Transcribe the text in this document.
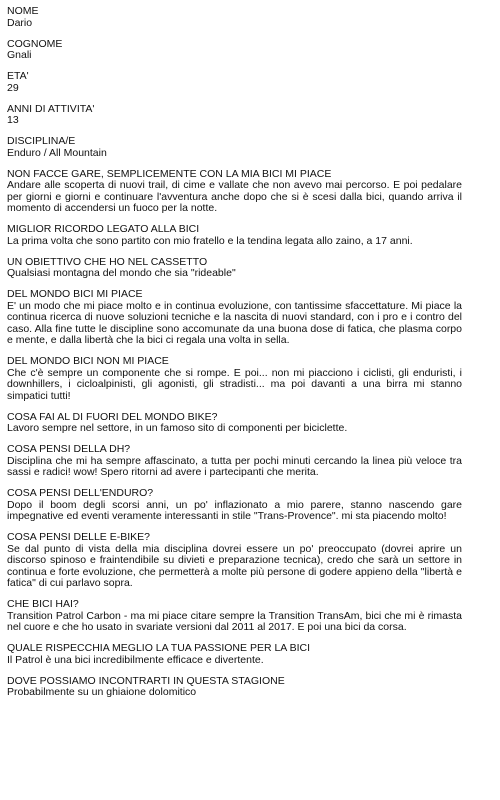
NOME
Dario
COGNOME
Gnali
ETA'
29
ANNI DI ATTIVITA'
13
DISCIPLINA/E
Enduro / All Mountain
NON FACCE GARE, SEMPLICEMENTE CON LA MIA BICI MI PIACE
Andare alle scoperta di nuovi trail, di cime e vallate che non avevo mai percorso. E poi pedalare per giorni e giorni e continuare l'avventura anche dopo che si è scesi dalla bici, quando arriva il momento di accendersi un fuoco per la notte.
MIGLIOR RICORDO LEGATO ALLA BICI
La prima volta che sono partito con mio fratello e la tendina legata allo zaino, a 17 anni.
UN OBIETTIVO CHE HO NEL CASSETTO
Qualsiasi montagna del mondo che sia "rideable"
DEL MONDO BICI MI PIACE
E' un modo che mi piace molto e in continua evoluzione, con tantissime sfaccettature. Mi piace la continua ricerca di nuove soluzioni tecniche e la nascita di nuovi standard, con i pro e i contro del caso. Alla fine tutte le discipline sono accomunate da una buona dose di fatica, che plasma corpo e mente, e dalla libertà che la bici ci regala una volta in sella.
DEL MONDO BICI NON MI PIACE
Che c'è sempre un componente che si rompe. E poi... non mi piacciono i ciclisti, gli enduristi, i downhillers, i cicloalpinisti, gli agonisti, gli stradisti... ma poi davanti a una birra mi stanno simpatici tutti!
COSA FAI AL DI FUORI DEL MONDO BIKE?
Lavoro sempre nel settore, in un famoso sito di componenti per biciclette.
COSA PENSI DELLA DH?
Disciplina che mi ha sempre affascinato, a tutta per pochi minuti cercando la linea più veloce tra sassi e radici! wow! Spero ritorni ad avere i partecipanti che merita.
COSA PENSI DELL'ENDURO?
Dopo il boom degli scorsi anni, un po' inflazionato a mio parere, stanno nascendo gare impegnative ed eventi veramente interessanti in stile "Trans-Provence". mi sta piacendo molto!
COSA PENSI DELLE E-BIKE?
Se dal punto di vista della mia disciplina dovrei essere un po' preoccupato (dovrei aprire un discorso spinoso e fraintendibile su divieti e preparazione tecnica), credo che sarà un settore in continua e forte evoluzione, che permetterà a molte più persone di godere appieno della "libertà e fatica" di cui parlavo sopra.
CHE BICI HAI?
Transition Patrol Carbon - ma mi piace citare sempre la Transition TransAm, bici che mi è rimasta nel cuore e che ho usato in svariate versioni dal 2011 al 2017. E poi una bici da corsa.
QUALE RISPECCHIA MEGLIO LA TUA PASSIONE PER LA BICI
Il Patrol è una bici incredibilmente efficace e divertente.
DOVE POSSIAMO INCONTRARTI IN QUESTA STAGIONE
Probabilmente su un ghiaione dolomitico
